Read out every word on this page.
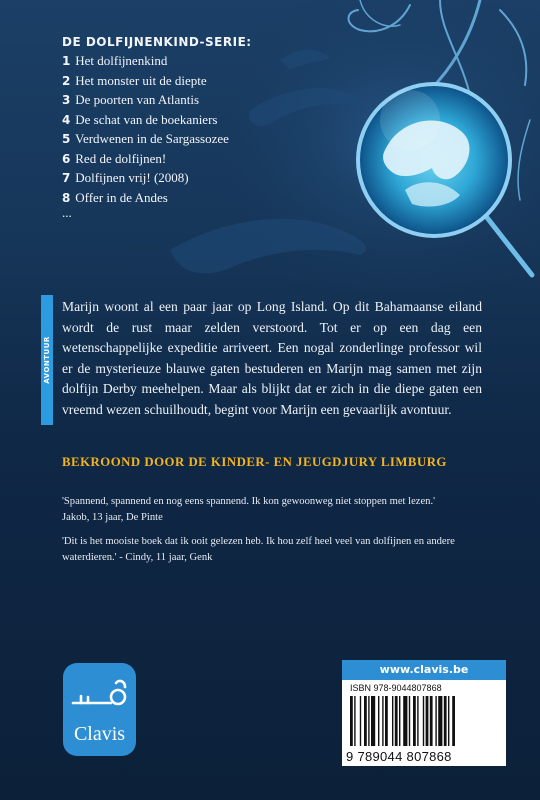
DE DOLFIJNENKIND-SERIE:
1 Het dolfijnenkind
2 Het monster uit de diepte
3 De poorten van Atlantis
4 De schat van de boekaniers
5 Verdwenen in de Sargassozee
6 Red de dolfijnen!
7 Dolfijnen vrij! (2008)
8 Offer in de Andes
...
AVONTUUR

Marijn woont al een paar jaar op Long Island. Op dit Bahamaanse eiland wordt de rust maar zelden verstoord. Tot er op een dag een wetenschappelijke expeditie arriveert. Een nogal zonderlinge professor wil er de mysterieuze blauwe gaten bestuderen en Marijn mag samen met zijn dolfijn Derby meehelpen. Maar als blijkt dat er zich in die diepe gaten een vreemd wezen schuilhoudt, begint voor Marijn een gevaarlijk avontuur.

BEKROOND DOOR DE KINDER- EN JEUGDJURY LIMBURG

'Spannend, spannend en nog eens spannend. Ik kon gewoonweg niet stoppen met lezen.'
Jakob, 13 jaar, De Pinte

'Dit is het mooiste boek dat ik ooit gelezen heb. Ik hou zelf heel veel van dolfijnen en andere waterdieren.' - Cindy, 11 jaar, Genk

Clavis
www.clavis.be
ISBN 978-9044807868
9 789044 807868
